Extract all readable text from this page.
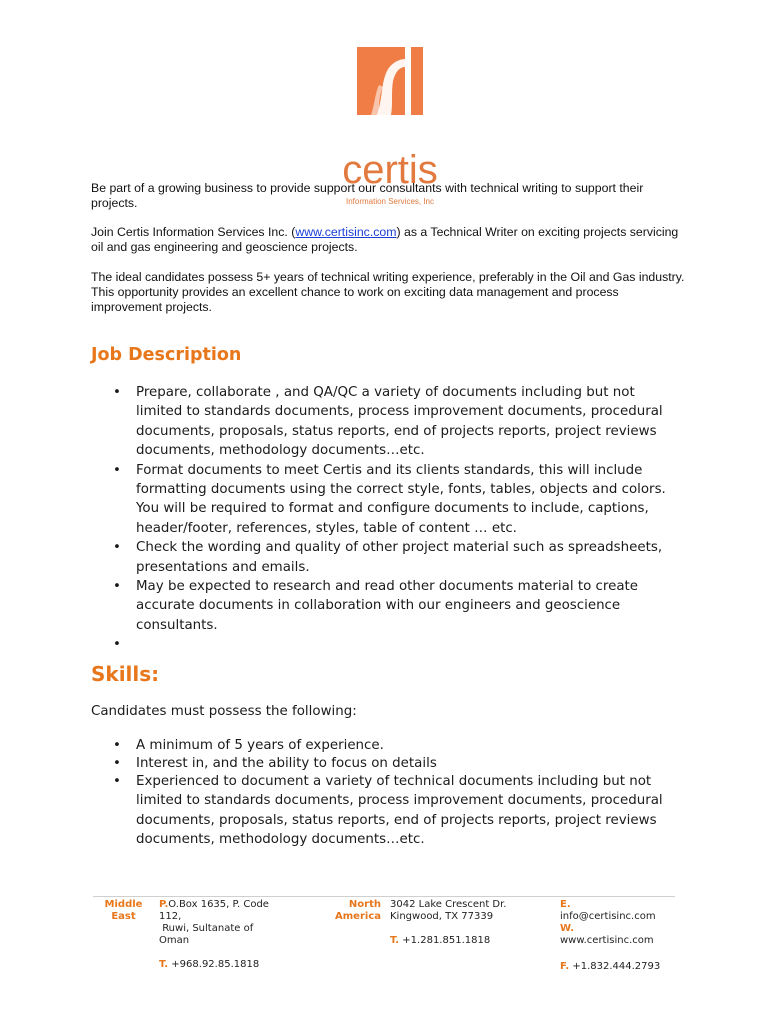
certis
Information Services, Inc

Be part of a growing business to provide support our consultants with technical writing to support their projects.

Join Certis Information Services Inc. (www.certisinc.com) as a Technical Writer on exciting projects servicing oil and gas engineering and geoscience projects.

The ideal candidates possess 5+ years of technical writing experience, preferably in the Oil and Gas industry. This opportunity provides an excellent chance to work on exciting data management and process improvement projects.

Job Description
• Prepare, collaborate , and QA/QC a variety of documents including but not limited to standards documents, process improvement documents, procedural documents, proposals, status reports, end of projects reports, project reviews documents, methodology documents…etc.
• Format documents to meet Certis and its clients standards, this will include formatting documents using the correct style, fonts, tables, objects and colors. You will be required to format and configure documents to include, captions, header/footer, references, styles, table of content … etc.
• Check the wording and quality of other project material such as spreadsheets, presentations and emails.
• May be expected to research and read other documents material to create accurate documents in collaboration with our engineers and geoscience consultants.
•
Skills:

Candidates must possess the following:

• A minimum of 5 years of experience.
• Interest in, and the ability to focus on details
• Experienced to document a variety of technical documents including but not limited to standards documents, process improvement documents, procedural documents, proposals, status reports, end of projects reports, project reviews documents, methodology documents…etc.
Middle East
P.O.Box 1635, P. Code 112,
Ruwi, Sultanate of Oman
T. +968.92.85.1818
North America
3042 Lake Crescent Dr.
Kingwood, TX 77339
T. +1.281.851.1818
E.
info@certisinc.com
W.
www.certisinc.com
F. +1.832.444.2793
